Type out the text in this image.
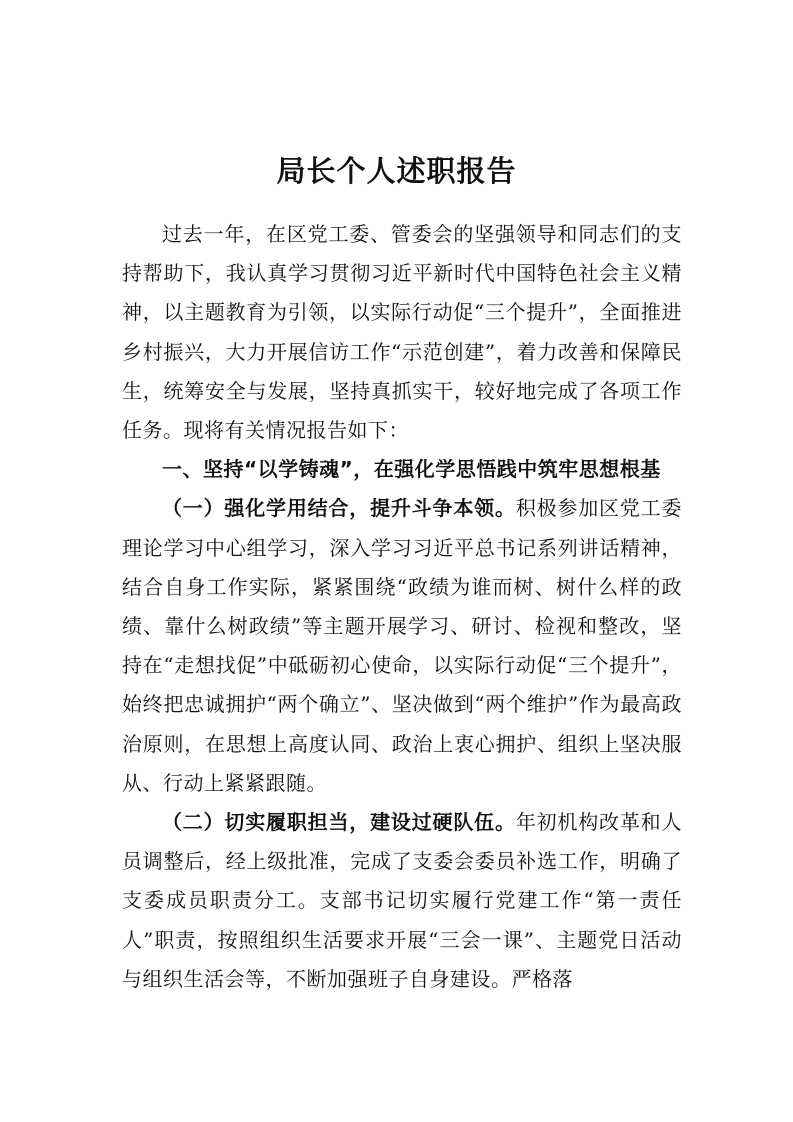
局长个人述职报告

过去一年，在区党工委、管委会的坚强领导和同志们的支持帮助下，我认真学习贯彻习近平新时代中国特色社会主义精神，以主题教育为引领，以实际行动促“三个提升”，全面推进乡村振兴，大力开展信访工作“示范创建”，着力改善和保障民生，统筹安全与发展，坚持真抓实干，较好地完成了各项工作任务。现将有关情况报告如下：

一、坚持“以学铸魂”，在强化学思悟践中筑牢思想根基

（一）强化学用结合，提升斗争本领。积极参加区党工委理论学习中心组学习，深入学习习近平总书记系列讲话精神，结合自身工作实际，紧紧围绕“政绩为谁而树、树什么样的政绩、靠什么树政绩”等主题开展学习、研讨、检视和整改，坚持在“走想找促”中砥砺初心使命，以实际行动促“三个提升”，始终把忠诚拥护“两个确立”、坚决做到“两个维护”作为最高政治原则，在思想上高度认同、政治上衷心拥护、组织上坚决服从、行动上紧紧跟随。

（二）切实履职担当，建设过硬队伍。年初机构改革和人员调整后，经上级批准，完成了支委会委员补选工作，明确了支委成员职责分工。支部书记切实履行党建工作“第一责任人”职责，按照组织生活要求开展“三会一课”、主题党日活动与组织生活会等，不断加强班子自身建设。严格落
